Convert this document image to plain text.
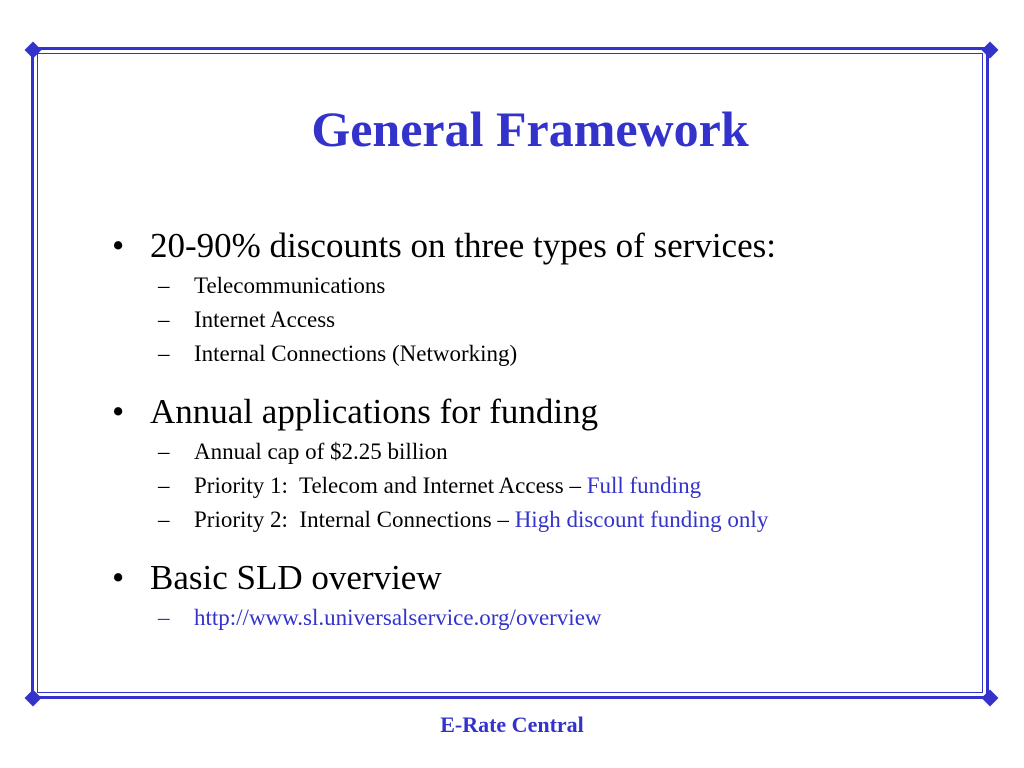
General Framework
• 20-90% discounts on three types of services:
– Telecommunications
– Internet Access
– Internal Connections (Networking)
• Annual applications for funding
– Annual cap of $2.25 billion
– Priority 1:  Telecom and Internet Access – Full funding
– Priority 2:  Internal Connections – High discount funding only
• Basic SLD overview
– http://www.sl.universalservice.org/overview
E-Rate Central
